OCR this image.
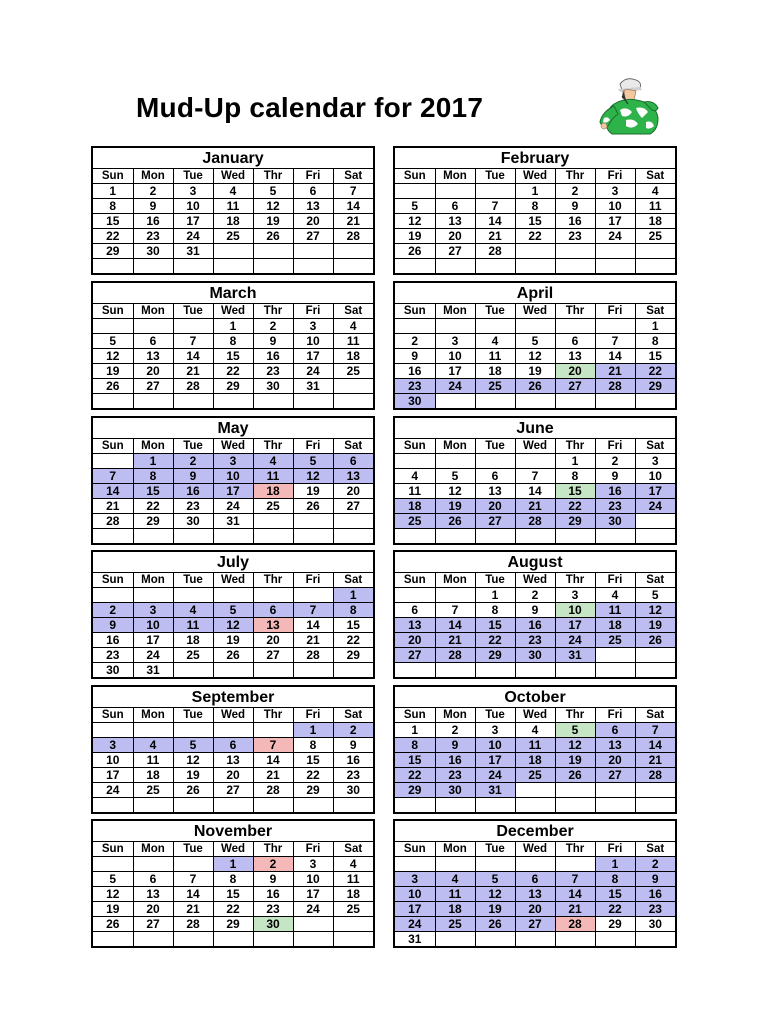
Mud-Up calendar for 2017
January
Sun	Mon	Tue	Wed	Thr	Fri	Sat
1	2	3	4	5	6	7
8	9	10	11	12	13	14
15	16	17	18	19	20	21
22	23	24	25	26	27	28
29	30	31				

February
Sun	Mon	Tue	Wed	Thr	Fri	Sat
			1	2	3	4
5	6	7	8	9	10	11
12	13	14	15	16	17	18
19	20	21	22	23	24	25
26	27	28				

March
Sun	Mon	Tue	Wed	Thr	Fri	Sat
			1	2	3	4
5	6	7	8	9	10	11
12	13	14	15	16	17	18
19	20	21	22	23	24	25
26	27	28	29	30	31	

April
Sun	Mon	Tue	Wed	Thr	Fri	Sat
						1
2	3	4	5	6	7	8
9	10	11	12	13	14	15
16	17	18	19	20	21	22
23	24	25	26	27	28	29
30						
May
Sun	Mon	Tue	Wed	Thr	Fri	Sat
	1	2	3	4	5	6
7	8	9	10	11	12	13
14	15	16	17	18	19	20
21	22	23	24	25	26	27
28	29	30	31			

June
Sun	Mon	Tue	Wed	Thr	Fri	Sat
				1	2	3
4	5	6	7	8	9	10
11	12	13	14	15	16	17
18	19	20	21	22	23	24
25	26	27	28	29	30	

July
Sun	Mon	Tue	Wed	Thr	Fri	Sat
						1
2	3	4	5	6	7	8
9	10	11	12	13	14	15
16	17	18	19	20	21	22
23	24	25	26	27	28	29
30	31					
August
Sun	Mon	Tue	Wed	Thr	Fri	Sat
		1	2	3	4	5
6	7	8	9	10	11	12
13	14	15	16	17	18	19
20	21	22	23	24	25	26
27	28	29	30	31		

September
Sun	Mon	Tue	Wed	Thr	Fri	Sat
					1	2
3	4	5	6	7	8	9
10	11	12	13	14	15	16
17	18	19	20	21	22	23
24	25	26	27	28	29	30

October
Sun	Mon	Tue	Wed	Thr	Fri	Sat
1	2	3	4	5	6	7
8	9	10	11	12	13	14
15	16	17	18	19	20	21
22	23	24	25	26	27	28
29	30	31				

November
Sun	Mon	Tue	Wed	Thr	Fri	Sat
			1	2	3	4
5	6	7	8	9	10	11
12	13	14	15	16	17	18
19	20	21	22	23	24	25
26	27	28	29	30		

December
Sun	Mon	Tue	Wed	Thr	Fri	Sat
					1	2
3	4	5	6	7	8	9
10	11	12	13	14	15	16
17	18	19	20	21	22	23
24	25	26	27	28	29	30
31						
